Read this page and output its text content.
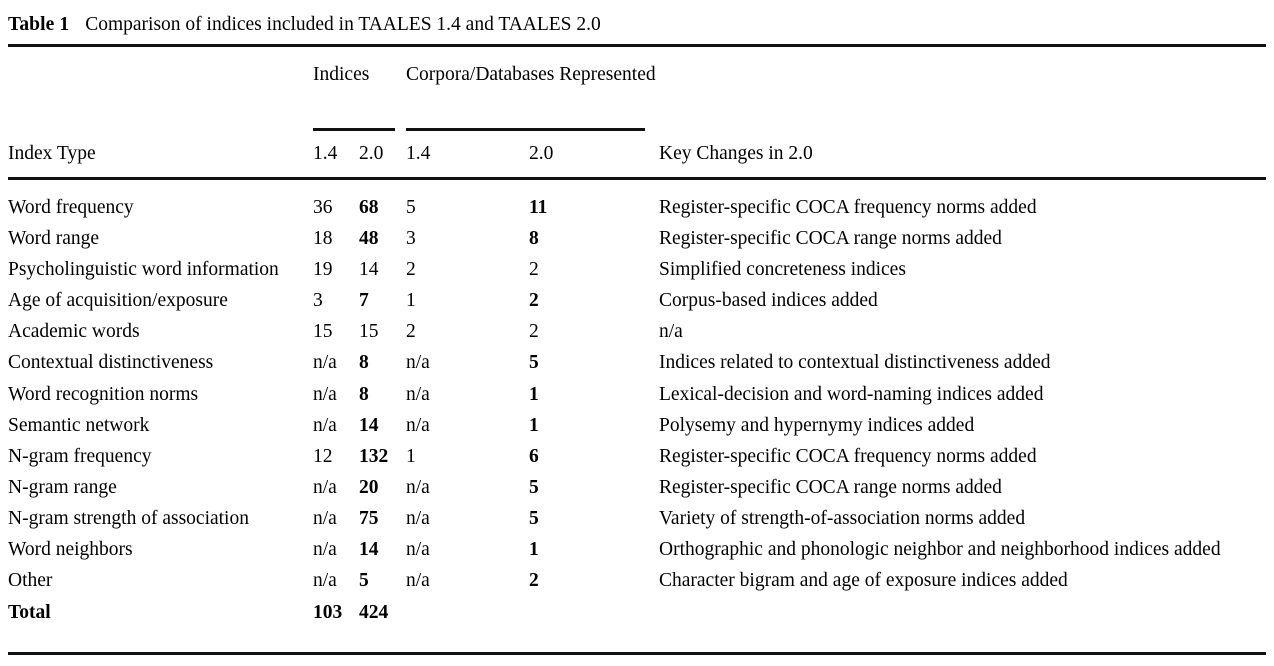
Table 1 Comparison of indices included in TAALES 1.4 and TAALES 2.0
Indices Corpora/Databases Represented
Index Type	1.4 2.0 1.4	2.0	Key Changes in 2.0
Word frequency	36 68 5	11	Register-specific COCA frequency norms added
Word range	18 48 3	8	Register-specific COCA range norms added
Psycholinguistic word information 19 14 2	2	Simplified concreteness indices
Age of acquisition/exposure	3 7 1	2	Corpus-based indices added
Academic words	15 15 2	2	n/a
Contextual distinctiveness	n/a 8 n/a	5	Indices related to contextual distinctiveness added
Word recognition norms	n/a 8 n/a	1	Lexical-decision and word-naming indices added
Semantic network	n/a 14 n/a	1	Polysemy and hypernymy indices added
N-gram frequency	12 132 1	6	Register-specific COCA frequency norms added
N-gram range	n/a 20 n/a	5	Register-specific COCA range norms added
N-gram strength of association	n/a 75 n/a	5	Variety of strength-of-association norms added
Word neighbors	n/a 14 n/a	1	Orthographic and phonologic neighbor and neighborhood indices added
Other	n/a 5 n/a	2	Character bigram and age of exposure indices added
Total	103 424
